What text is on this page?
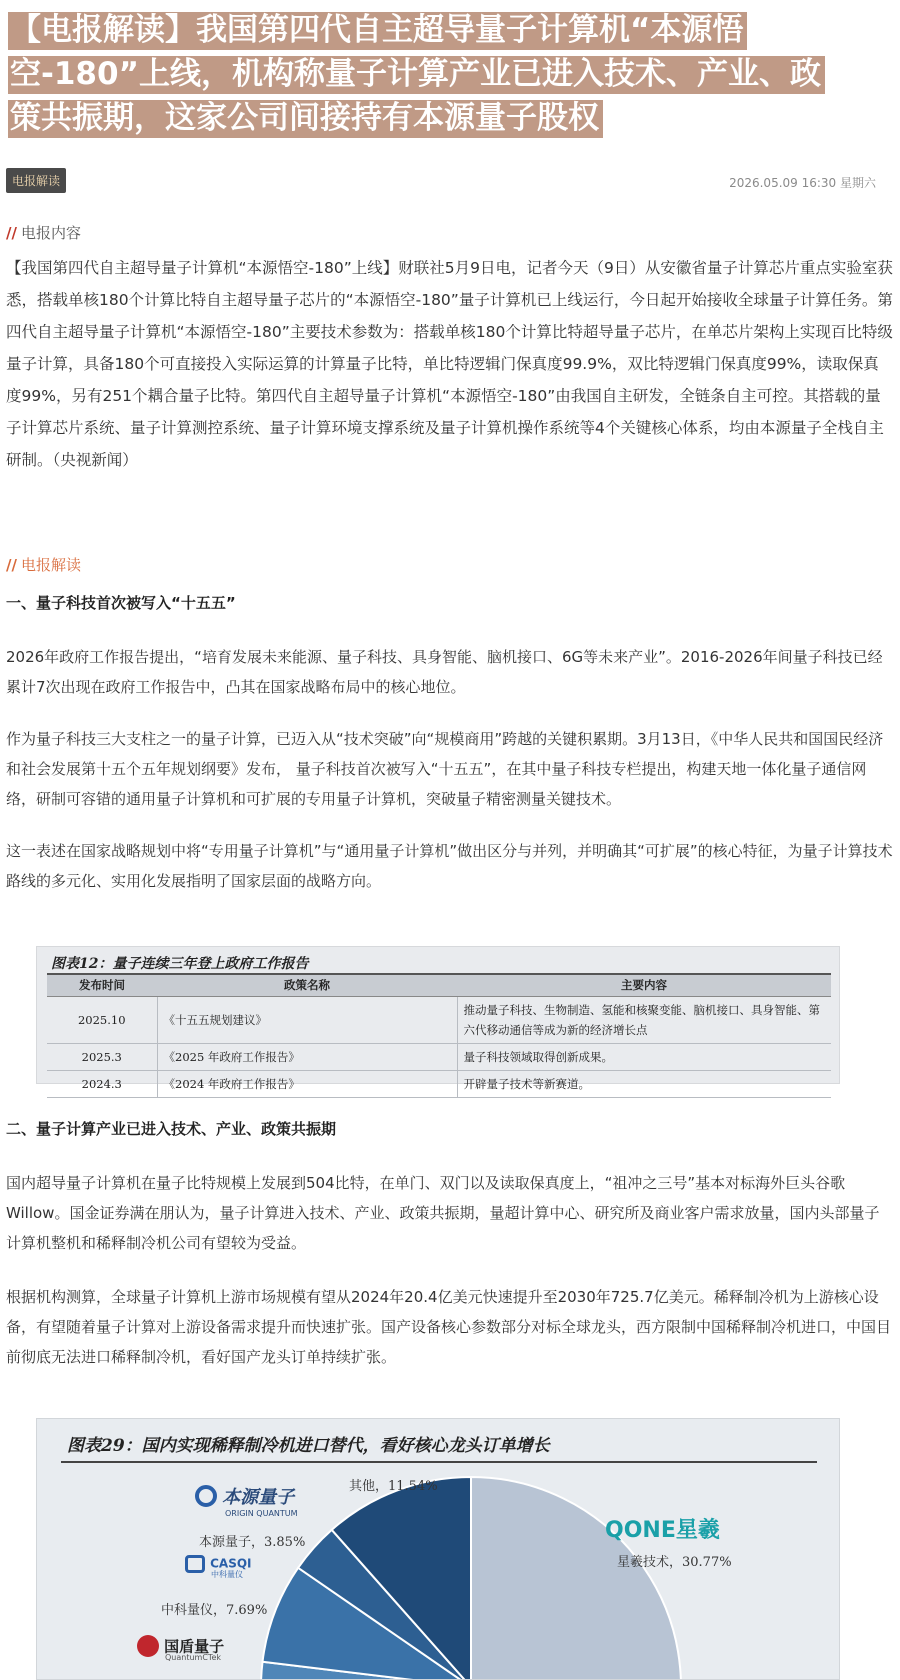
【电报解读】我国第四代自主超导量子计算机“本源悟
空-180”上线，机构称量子计算产业已进入技术、产业、政
策共振期，这家公司间接持有本源量子股权
电报解读	2026.05.09 16:30 星期六
// 电报内容
【我国第四代自主超导量子计算机“本源悟空-180”上线】财联社5月9日电，记者今天（9日）从安徽省量子计算芯片重点实验室获悉，搭载单核180个计算比特自主超导量子芯片的“本源悟空-180”量子计算机已上线运行，今日起开始接收全球量子计算任务。第四代自主超导量子计算机“本源悟空-180”主要技术参数为：搭载单核180个计算比特超导量子芯片，在单芯片架构上实现百比特级量子计算，具备180个可直接投入实际运算的计算量子比特，单比特逻辑门保真度99.9%，双比特逻辑门保真度99%，读取保真度99%，另有251个耦合量子比特。第四代自主超导量子计算机“本源悟空-180”由我国自主研发，全链条自主可控。其搭载的量子计算芯片系统、量子计算测控系统、量子计算环境支撑系统及量子计算机操作系统等4个关键核心体系，均由本源量子全栈自主研制。（央视新闻）
// 电报解读
一、量子科技首次被写入“十五五”
2026年政府工作报告提出，“培育发展未来能源、量子科技、具身智能、脑机接口、6G等未来产业”。2016-2026年间量子科技已经累计7次出现在政府工作报告中，凸其在国家战略布局中的核心地位。
作为量子科技三大支柱之一的量子计算，已迈入从“技术突破”向“规模商用”跨越的关键积累期。3月13日，《中华人民共和国国民经济和社会发展第十五个五年规划纲要》发布， 量子科技首次被写入“十五五”，在其中量子科技专栏提出，构建天地一体化量子通信网络，研制可容错的通用量子计算机和可扩展的专用量子计算机，突破量子精密测量关键技术。
这一表述在国家战略规划中将“专用量子计算机”与“通用量子计算机”做出区分与并列，并明确其“可扩展”的核心特征，为量子计算技术路线的多元化、实用化发展指明了国家层面的战略方向。
图表12：量子连续三年登上政府工作报告
发布时间	政策名称	主要内容
2025.10	《十五五规划建议》	推动量子科技、生物制造、氢能和核聚变能、脑机接口、具身智能、第六代移动通信等成为新的经济增长点
2025.3	《2025 年政府工作报告》	量子科技领域取得创新成果。
2024.3	《2024 年政府工作报告》	开辟量子技术等新赛道。
二、量子计算产业已进入技术、产业、政策共振期
国内超导量子计算机在量子比特规模上发展到504比特，在单门、双门以及读取保真度上，“祖冲之三号”基本对标海外巨头谷歌Willow。国金证券满在朋认为，量子计算进入技术、产业、政策共振期，量超计算中心、研究所及商业客户需求放量，国内头部量子计算机整机和稀释制冷机公司有望较为受益。
根据机构测算，全球量子计算机上游市场规模有望从2024年20.4亿美元快速提升至2030年725.7亿美元。稀释制冷机为上游核心设备，有望随着量子计算对上游设备需求提升而快速扩张。国产设备核心参数部分对标全球龙头，西方限制中国稀释制冷机进口，中国目前彻底无法进口稀释制冷机，看好国产龙头订单持续扩张。
图表29：国内实现稀释制冷机进口替代，看好核心龙头订单增长
本源量子
ORIGIN QUANTUM
CASQI
中科量仪
国盾量子
QuantumCTek
QONE星羲
其他，11.54%
本源量子，3.85%
中科量仪，7.69%
星羲技术，30.77%
